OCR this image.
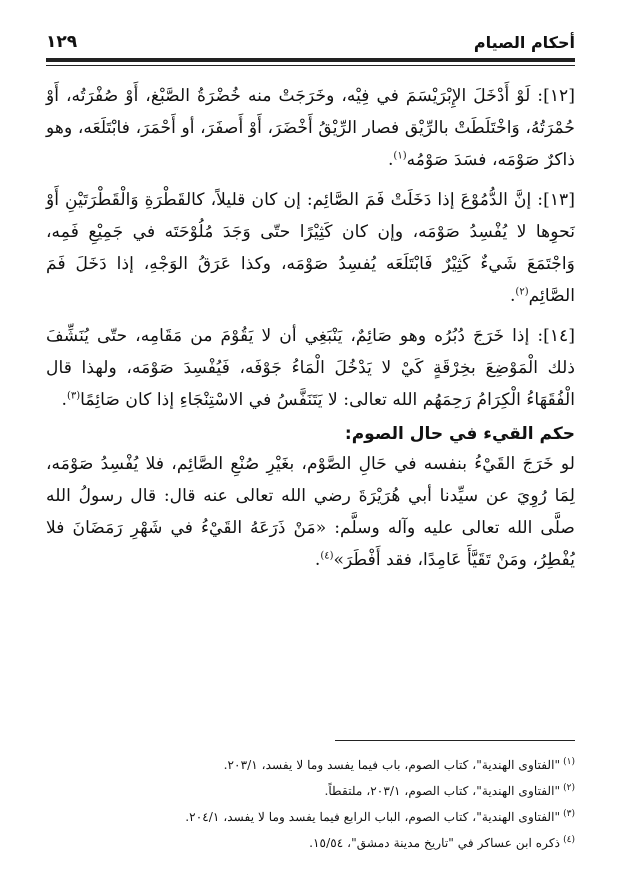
أحكام الصيام
١٢٩

[١٢]: لَوْ أَدْخَلَ الإِبْرَيْسَمَ في فِيْه، وخَرَجَتْ منه خُضْرَةُ الصَّبْغ، أَوْ صُفْرَتُه، أَوْ حُمْرَتُهُ، وَاخْتَلَطَتْ بالرِّيْق فصار الرِّيْقُ أَخْضَرَ، أَوْ أَصفَرَ، أو أَحْمَرَ، فابْتَلَعَه، وهو ذاكرٌ صَوْمَه، فسَدَ صَوْمُه$^{(١)}$.

[١٣]: إنَّ الدُّمُوْعَ إذا دَخَلَتْ فَمَ الصَّائِم: إن كان قليلاً، كالقَطْرَةِ وَالْقَطْرَتَيْنِ أَوْ نَحوِها لا يُفْسِدُ صَوْمَه، وإن كان كَثِيْرًا حتّى وَجَدَ مُلُوْحَتَه في جَمِيْعِ فَمِه، وَاجْتَمَعَ شَيءٌ كَثِيْرٌ فَابْتَلَعَه يُفسِدُ صَوْمَه، وكذا عَرَقُ الوَجْهِ، إذا دَخَلَ فَمَ الصَّائِم$^{(٢)}$.

[١٤]: إذا خَرَجَ دُبُرُه وهو صَائِمٌ، يَنْبَغِي أن لا يَقُوْمَ من مَقَامِه، حتّى يُنَشِّفَ ذلك الْمَوْضِعَ بخِرْقَةٍ كَيْ لا يَدْخُلَ الْمَاءُ جَوْفَه، فَيُفْسِدَ صَوْمَه، ولهذا قال الْفُقَهَاءُ الْكِرَامُ رَحِمَهُم الله تعالى: لا يَتَنَفَّسُ في الاسْتِنْجَاءِ إذا كان صَائِمًا$^{(٣)}$.

حكم القيء في حال الصوم:

لو خَرَجَ القَيْءُ بنفسه في حَالِ الصَّوْم، بغَيْرِ صُنْعِ الصَّائِم، فلا يُفْسِدُ صَوْمَه، لِمَا رُوِيَ عن سيِّدنا أبي هُرَيْرَةَ رضي الله تعالى عنه قال: قال رسولُ الله صلَّى الله تعالى عليه وآله وسلَّم: «مَنْ ذَرَعَهُ القَيْءُ في شَهْرِ رَمَضَانَ فلا يُفْطِرُ، ومَنْ تَقَيَّأَ عَامِدًا، فقد أَفْطَرَ»$^{(٤)}$.

$^{(١)}$"الفتاوى الهندية"، كتاب الصوم، باب فيما يفسد وما لا يفسد، ٢٠٣/١.
$^{(٢)}$"الفتاوى الهندية"، كتاب الصوم، ٢٠٣/١، ملتقطاً.
$^{(٣)}$"الفتاوى الهندية"، كتاب الصوم، الباب الرابع فيما يفسد وما لا يفسد، ٢٠٤/١.
$^{(٤)}$ذكره ابن عساكر في "تاريخ مدينة دمشق"، ١٥/٥٤.
